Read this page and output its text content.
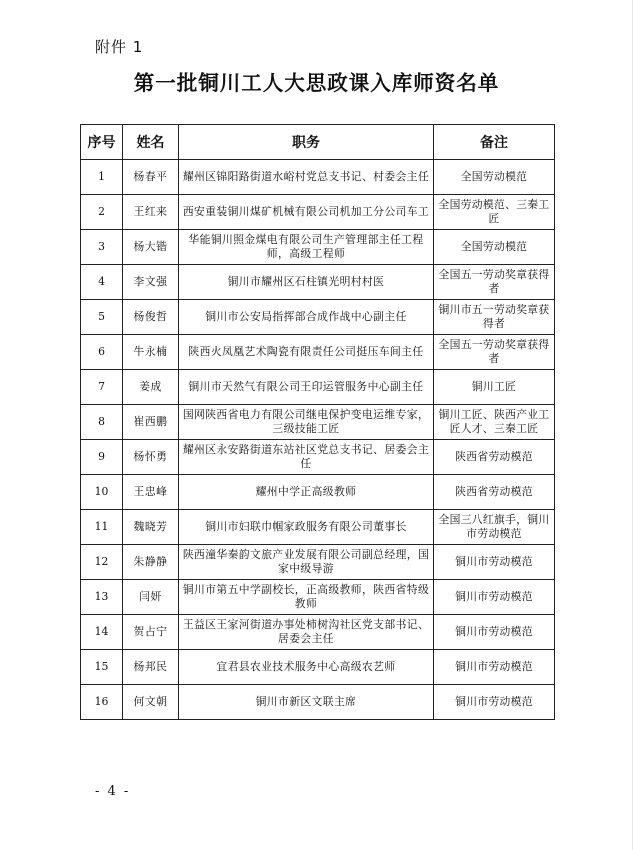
附件 1
第一批铜川工人大思政课入库师资名单
序号	姓名	职务	备注
1	杨春平	耀州区锦阳路街道水峪村党总支书记、村委会主任	全国劳动模范
2	王红来	西安重装铜川煤矿机械有限公司机加工分公司车工	全国劳动模范、三秦工匠
3	杨大锴	华能铜川照金煤电有限公司生产管理部主任工程师，高级工程师	全国劳动模范
4	李文强	铜川市耀州区石柱镇光明村村医	全国五一劳动奖章获得者
5	杨俊哲	铜川市公安局指挥部合成作战中心副主任	铜川市五一劳动奖章获得者
6	牛永楠	陕西火凤凰艺术陶瓷有限责任公司挺压车间主任	全国五一劳动奖章获得者
7	姜成	铜川市天然气有限公司王印运管服务中心副主任	铜川工匠
8	崔西鹏	国网陕西省电力有限公司继电保护变电运维专家，三级技能工匠	铜川工匠、陕西产业工匠人才、三秦工匠
9	杨怀勇	耀州区永安路街道东站社区党总支书记、居委会主任	陕西省劳动模范
10	王忠峰	耀州中学正高级教师	陕西省劳动模范
11	魏晓芳	铜川市妇联巾帼家政服务有限公司董事长	全国三八红旗手，铜川市劳动模范
12	朱静静	陕西潼华秦韵文旅产业发展有限公司副总经理，国家中级导游	铜川市劳动模范
13	闫妍	铜川市第五中学副校长，正高级教师，陕西省特级教师	铜川市劳动模范
14	贺占宁	王益区王家河街道办事处柿树沟社区党支部书记、居委会主任	铜川市劳动模范
15	杨邦民	宜君县农业技术服务中心高级农艺师	铜川市劳动模范
16	何文朝	铜川市新区文联主席	铜川市劳动模范
- 4 -
